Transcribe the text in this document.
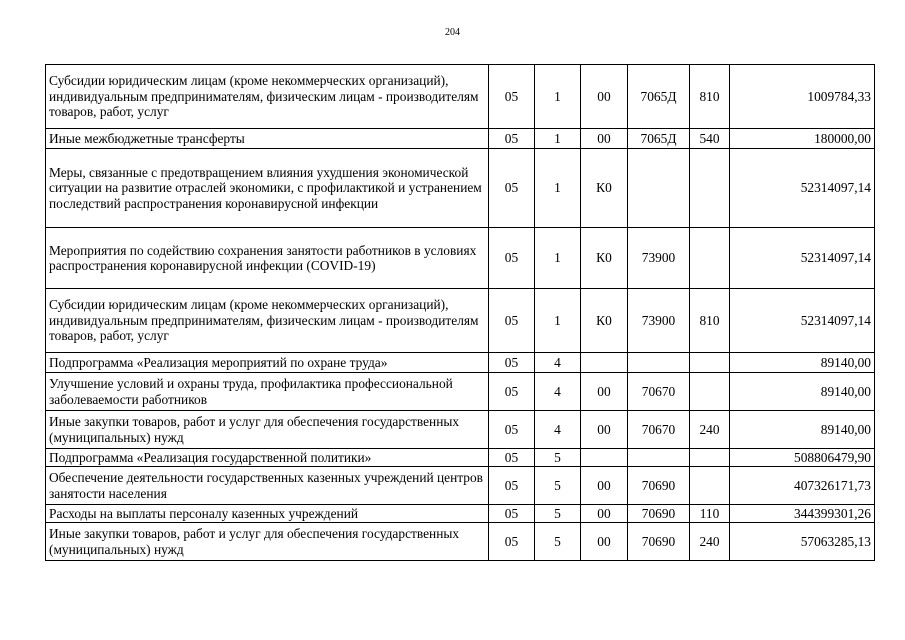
204
Субсидии юридическим лицам (кроме некоммерческих организаций), индивидуальным предпринимателям, физическим лицам - производителям товаров, работ, услуг	05	1	00	7065Д	810	1009784,33
Иные межбюджетные трансферты	05	1	00	7065Д	540	180000,00
Меры, связанные с предотвращением влияния ухудшения экономической ситуации на развитие отраслей экономики, с профилактикой и устранением последствий распространения коронавирусной инфекции	05	1	К0			52314097,14
Мероприятия по содействию сохранения занятости работников в условиях распространения коронавирусной инфекции (COVID-19)	05	1	К0	73900		52314097,14
Субсидии юридическим лицам (кроме некоммерческих организаций), индивидуальным предпринимателям, физическим лицам - производителям товаров, работ, услуг	05	1	К0	73900	810	52314097,14
Подпрограмма «Реализация мероприятий по охране труда»	05	4				89140,00
Улучшение условий и охраны труда, профилактика профессиональной заболеваемости работников	05	4	00	70670		89140,00
Иные закупки товаров, работ и услуг для обеспечения государственных (муниципальных) нужд	05	4	00	70670	240	89140,00
Подпрограмма «Реализация государственной политики»	05	5				508806479,90
Обеспечение деятельности государственных казенных учреждений центров занятости населения	05	5	00	70690		407326171,73
Расходы на выплаты персоналу казенных учреждений	05	5	00	70690	110	344399301,26
Иные закупки товаров, работ и услуг для обеспечения государственных (муниципальных) нужд	05	5	00	70690	240	57063285,13
